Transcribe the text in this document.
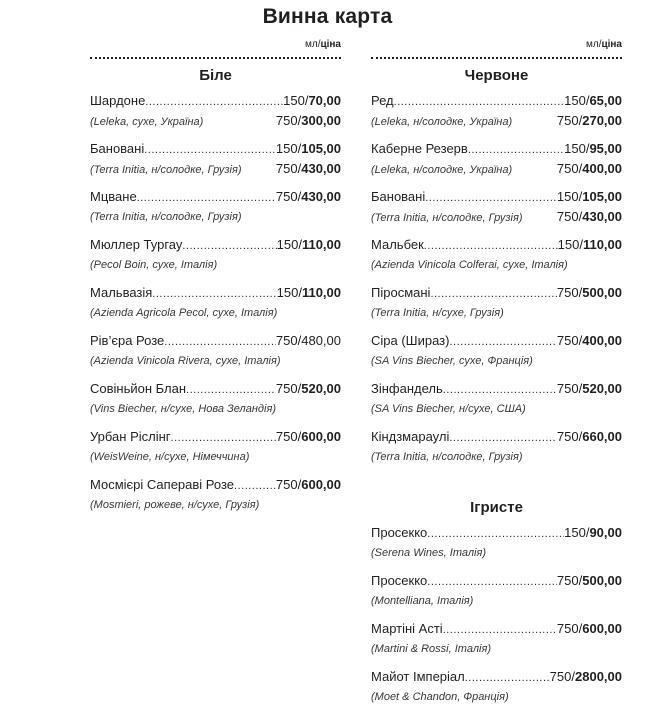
Винна карта
мл/ціна
Біле
Шардоне .....	150 / 70,00
(Leleka, сухе, Україна)	750/300,00
Банованi .....	150 / 105,00
(Terra Initia, н/солодке, Грузія)	750/430,00
Мцване .....	750 / 430,00
(Terra Initia, н/солодке, Грузія)
Мюллер Тургау .....	150 / 110,00
(Pecol Boin, сухе, Італія)
Мальвазія .....	150 / 110,00
(Azienda Agricola Pecol, сухе, Італія)
Рів’єра Розе .....	750 / 480,00
(Azienda Vinicola Rivera, сухе, Італія)
Совіньйон Блан .....	750 / 520,00
(Vins Biecher, н/сухе, Нова Зеландія)
Урбан Рiслiнг .....	750 / 600,00
(WeisWeine, н/сухе, Німеччина)
Мосмієрі Сапераві Розе .....	750 / 600,00
(Mosmieri, рожеве, н/сухе, Грузія)
мл/ціна
Червоне
Ред .....	150 / 65,00
(Leleka, н/солодке, Україна)	750/270,00
Каберне Резерв .....	150 / 95,00
(Leleka, н/солодке, Україна)	750/400,00
Банованi .....	150 / 105,00
(Terra Initia, н/солодке, Грузія)	750/430,00
Мальбек .....	150 / 110,00
(Azienda Vinicola Colferai, сухе, Італія)
Піросмані .....	750 / 500,00
(Terra Initia, н/сухе, Грузія)
Сіра (Шираз) .....	750 / 400,00
(SA Vins Biecher, сухе, Франція)
Зінфандель .....	750 / 520,00
(SA Vins Biecher, н/сухе, США)
Кіндзмараулі .....	750 / 660,00
(Terra Initia, н/солодке, Грузія)
Ігристе
Просекко .....	150 / 90,00
(Serena Wines, Італія)
Просекко .....	750 / 500,00
(Montelliana, Італія)
Мартіні Асті .....	750 / 600,00
(Martini & Rossi, Італія)
Майот Імперіал .....	750 / 2800,00
(Moet & Chandon, Франція)
